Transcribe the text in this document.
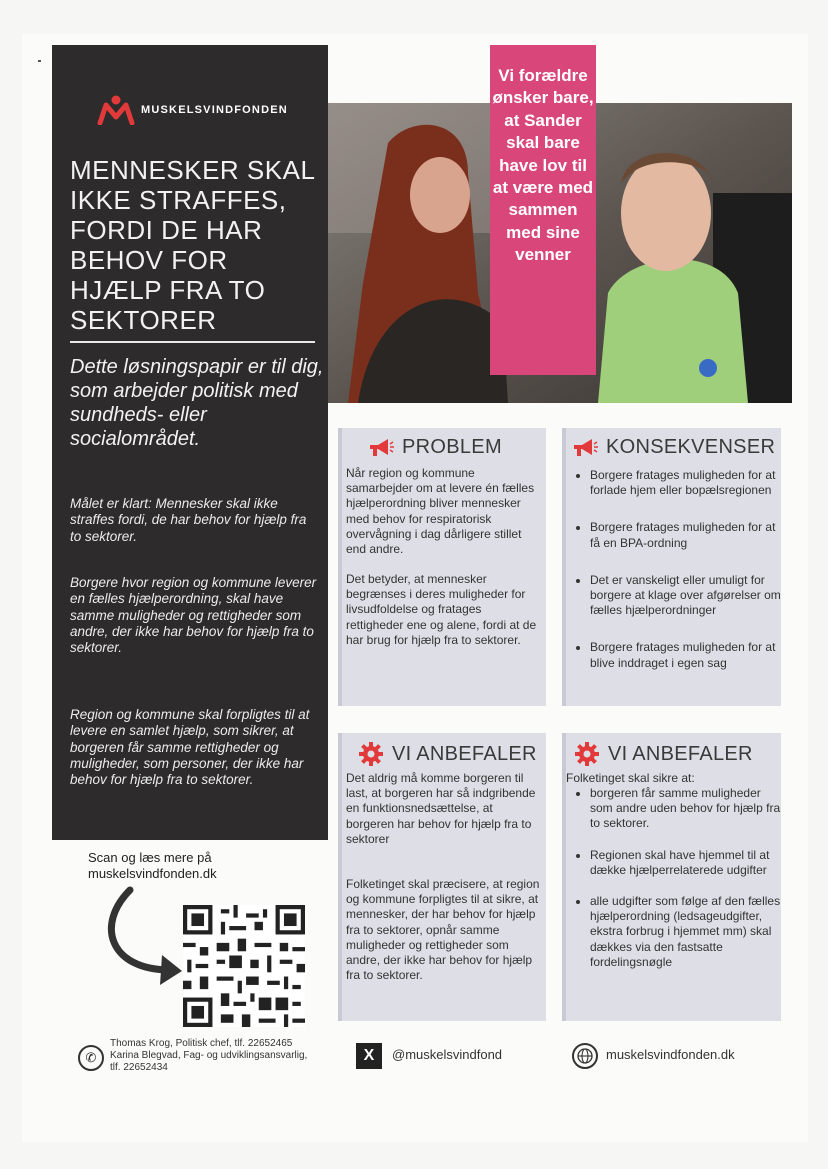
MUSKELSVINDFONDEN
MENNESKER SKAL IKKE STRAFFES, FORDI DE HAR BEHOV FOR HJÆLP FRA TO SEKTORER

Dette løsningspapir er til dig, som arbejder politisk med sundheds- eller socialområdet.

Målet er klart: Mennesker skal ikke straffes fordi, de har behov for hjælp fra to sektorer.

Borgere hvor region og kommune leverer en fælles hjælperordning, skal have samme muligheder og rettigheder som andre, der ikke har behov for hjælp fra to sektorer.

Region og kommune skal forpligtes til at levere en samlet hjælp, som sikrer, at borgeren får samme rettigheder og muligheder, som personer, der ikke har behov for hjælp fra to sektorer.

Vi forældre ønsker bare, at Sander skal bare have lov til at være med sammen med sine venner
PROBLEM

Når region og kommune samarbejder om at levere én fælles hjælperordning bliver mennesker med behov for respiratorisk overvågning i dag dårligere stillet end andre.

Det betyder, at mennesker begrænses i deres muligheder for livsudfoldelse og fratages rettigheder ene og alene, fordi at de har brug for hjælp fra to sektorer.

KONSEKVENSER
• Borgere fratages muligheden for at forlade hjem eller bopælsregionen
• Borgere fratages muligheden for at få en BPA-ordning
• Det er vanskeligt eller umuligt for borgere at klage over afgørelser om fælles hjælperordninger
• Borgere fratages muligheden for at blive inddraget i egen sag
VI ANBEFALER

Det aldrig må komme borgeren til last, at borgeren har så indgribende en funktionsnedsættelse, at borgeren har behov for hjælp fra to sektorer

Folketinget skal præcisere, at region og kommune forpligtes til at sikre, at mennesker, der har behov for hjælp fra to sektorer, opnår samme muligheder og rettigheder som andre, der ikke har behov for hjælp fra to sektorer.

VI ANBEFALER

Folketinget skal sikre at:

• borgeren får samme muligheder som andre uden behov for hjælp fra to sektorer.
• Regionen skal have hjemmel til at dække hjælperrelaterede udgifter
• alle udgifter som følge af den fælles hjælperordning (ledsageudgifter, ekstra forbrug i hjemmet mm) skal dækkes via den fastsatte fordelingsnøgle
Scan og læs mere på
muskelsvindfonden.dk
✆
Thomas Krog, Politisk chef, tlf. 22652465
Karina Blegvad, Fag- og udviklingsansvarlig,
tlf. 22652434
X	@muskelsvindfond	muskelsvindfonden.dk
